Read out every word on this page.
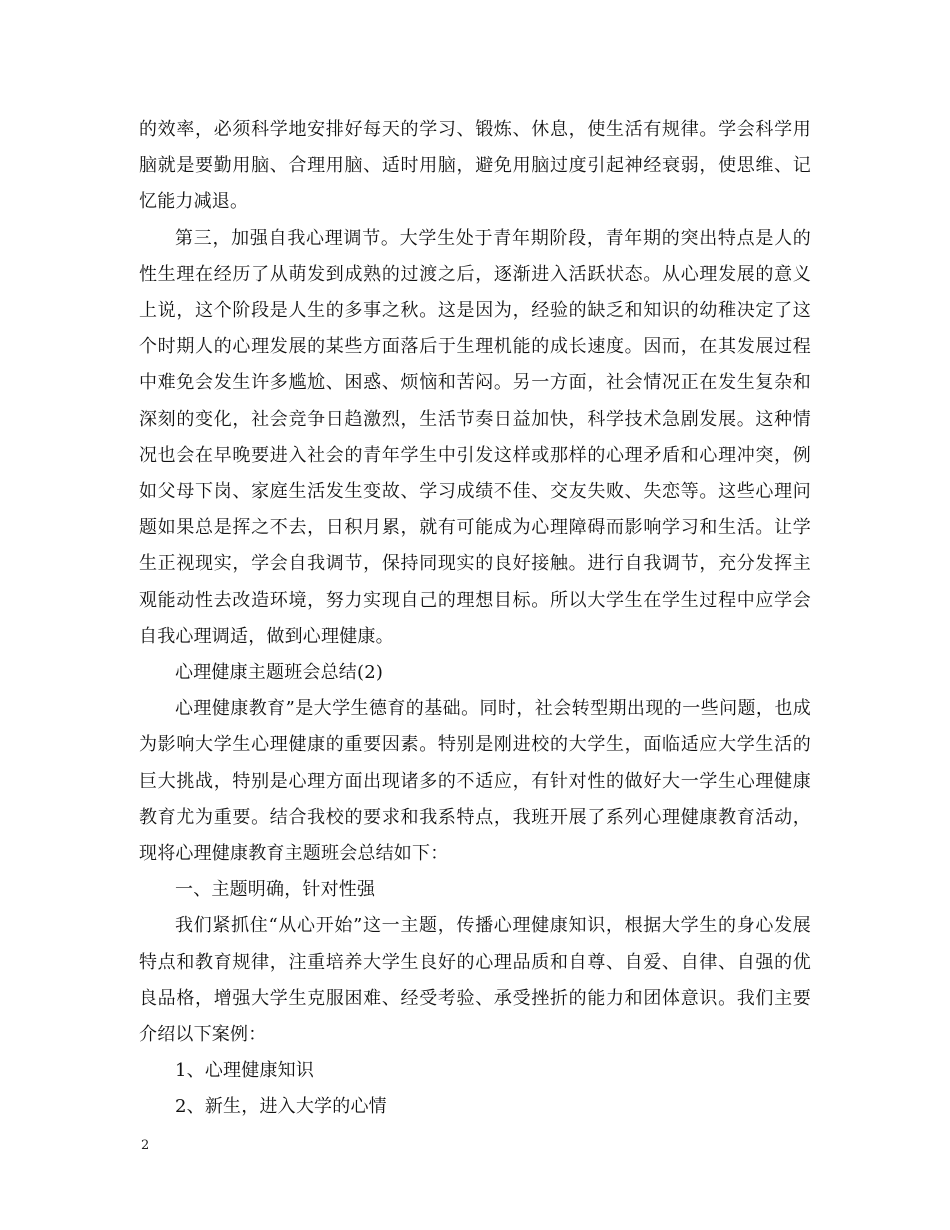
的效率，必须科学地安排好每天的学习、锻炼、休息，使生活有规律。学会科学用脑就是要勤用脑、合理用脑、适时用脑，避免用脑过度引起神经衰弱，使思维、记忆能力减退。

第三，加强自我心理调节。大学生处于青年期阶段，青年期的突出特点是人的性生理在经历了从萌发到成熟的过渡之后，逐渐进入活跃状态。从心理发展的意义上说，这个阶段是人生的多事之秋。这是因为，经验的缺乏和知识的幼稚决定了这个时期人的心理发展的某些方面落后于生理机能的成长速度。因而，在其发展过程中难免会发生许多尴尬、困惑、烦恼和苦闷。另一方面，社会情况正在发生复杂和深刻的变化，社会竞争日趋激烈，生活节奏日益加快，科学技术急剧发展。这种情况也会在早晚要进入社会的青年学生中引发这样或那样的心理矛盾和心理冲突，例如父母下岗、家庭生活发生变故、学习成绩不佳、交友失败、失恋等。这些心理问题如果总是挥之不去，日积月累，就有可能成为心理障碍而影响学习和生活。让学生正视现实，学会自我调节，保持同现实的良好接触。进行自我调节，充分发挥主观能动性去改造环境，努力实现自己的理想目标。所以大学生在学生过程中应学会自我心理调适，做到心理健康。

心理健康主题班会总结(2)

心理健康教育”是大学生德育的基础。同时，社会转型期出现的一些问题，也成为影响大学生心理健康的重要因素。特别是刚进校的大学生，面临适应大学生活的巨大挑战，特别是心理方面出现诸多的不适应，有针对性的做好大一学生心理健康教育尤为重要。结合我校的要求和我系特点，我班开展了系列心理健康教育活动，现将心理健康教育主题班会总结如下：

一、主题明确，针对性强

我们紧抓住“从心开始”这一主题，传播心理健康知识，根据大学生的身心发展特点和教育规律，注重培养大学生良好的心理品质和自尊、自爱、自律、自强的优良品格，增强大学生克服困难、经受考验、承受挫折的能力和团体意识。我们主要介绍以下案例：

1、心理健康知识

2、新生，进入大学的心情

2
